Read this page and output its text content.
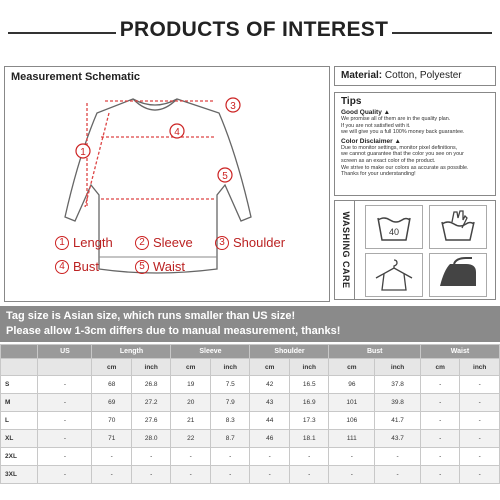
PRODUCTS OF INTEREST
Measurement Schematic
1
3
4
5
1 Length	2 Sleeve	3 Shoulder
4 Bust	5 Waist
Material: Cotton, Polyester
Tips
Good Quality ▲
We promise all of them are in the quality plan.
If you are not satisfied with it.
we will give you a full 100% money back guarantee.
Color Disclaimer ▲
Due to monitor settings, monitor pixel definitions,
we cannot guarantee that the color you see on your
screen as an exact color of the product.
We strive to make our colors as accurate as possible.
Thanks for your understanding!
WASHING CARE	40
Tag size is Asian size, which runs smaller than US size!
Please allow 1-3cm differs due to manual measurement, thanks!
	US	Length		Sleeve		Shoulder		Bust		Waist	
		cm	inch	cm	inch	cm	inch	cm	inch	cm	inch
S	-	68	26.8	19	7.5	42	16.5	96	37.8	-	-
M	-	69	27.2	20	7.9	43	16.9	101	39.8	-	-
L	-	70	27.6	21	8.3	44	17.3	106	41.7	-	-
XL	-	71	28.0	22	8.7	46	18.1	111	43.7	-	-
2XL	-	-	-	-	-	-	-	-	-	-	-
3XL	-	-	-	-	-	-	-	-	-	-	-
